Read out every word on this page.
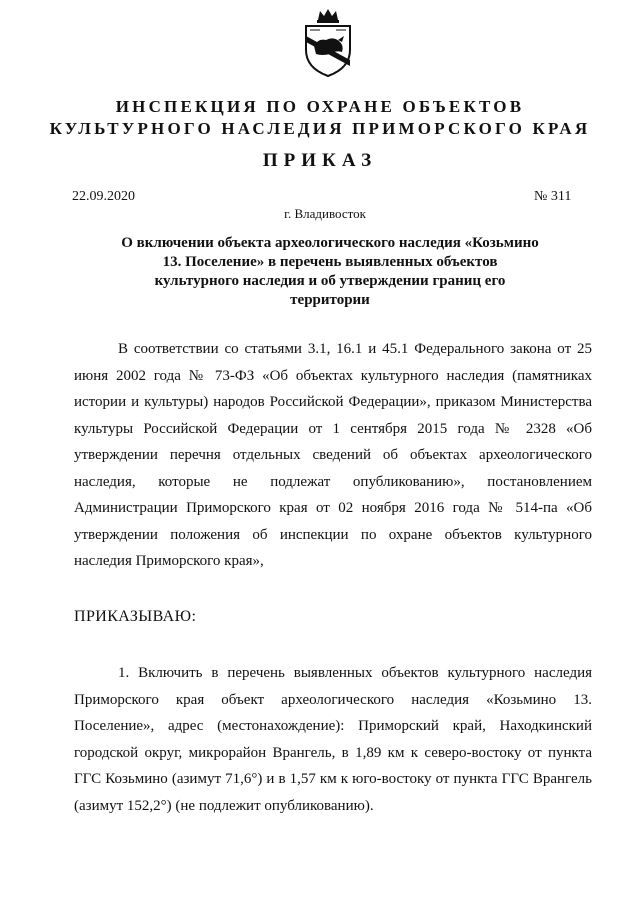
ИНСПЕКЦИЯ ПО ОХРАНЕ ОБЪЕКТОВ
КУЛЬТУРНОГО НАСЛЕДИЯ ПРИМОРСКОГО КРАЯ
ПРИКАЗ
22.09.2020	№ 311
г. Владивосток
О включении объекта археологического наследия «Козьмино 13. Поселение» в перечень выявленных объектов культурного наследия и об утверждении границ его территории
В соответствии со статьями 3.1, 16.1 и 45.1 Федерального закона от 25 июня 2002 года № 73-ФЗ «Об объектах культурного наследия (памятниках истории и культуры) народов Российской Федерации», приказом Министерства культуры Российской Федерации от 1 сентября 2015 года № 2328 «Об утверждении перечня отдельных сведений об объектах археологического наследия, которые не подлежат опубликованию», постановлением Администрации Приморского края от 02 ноября 2016 года № 514-па «Об утверждении положения об инспекции по охране объектов культурного наследия Приморского края»,
ПРИКАЗЫВАЮ:
1. Включить в перечень выявленных объектов культурного наследия Приморского края объект археологического наследия «Козьмино 13. Поселение», адрес (местонахождение): Приморский край, Находкинский городской округ, микрорайон Врангель, в 1,89 км к северо-востоку от пункта ГГС Козьмино (азимут 71,6°) и в 1,57 км к юго-востоку от пункта ГГС Врангель (азимут 152,2°) (не подлежит опубликованию).
